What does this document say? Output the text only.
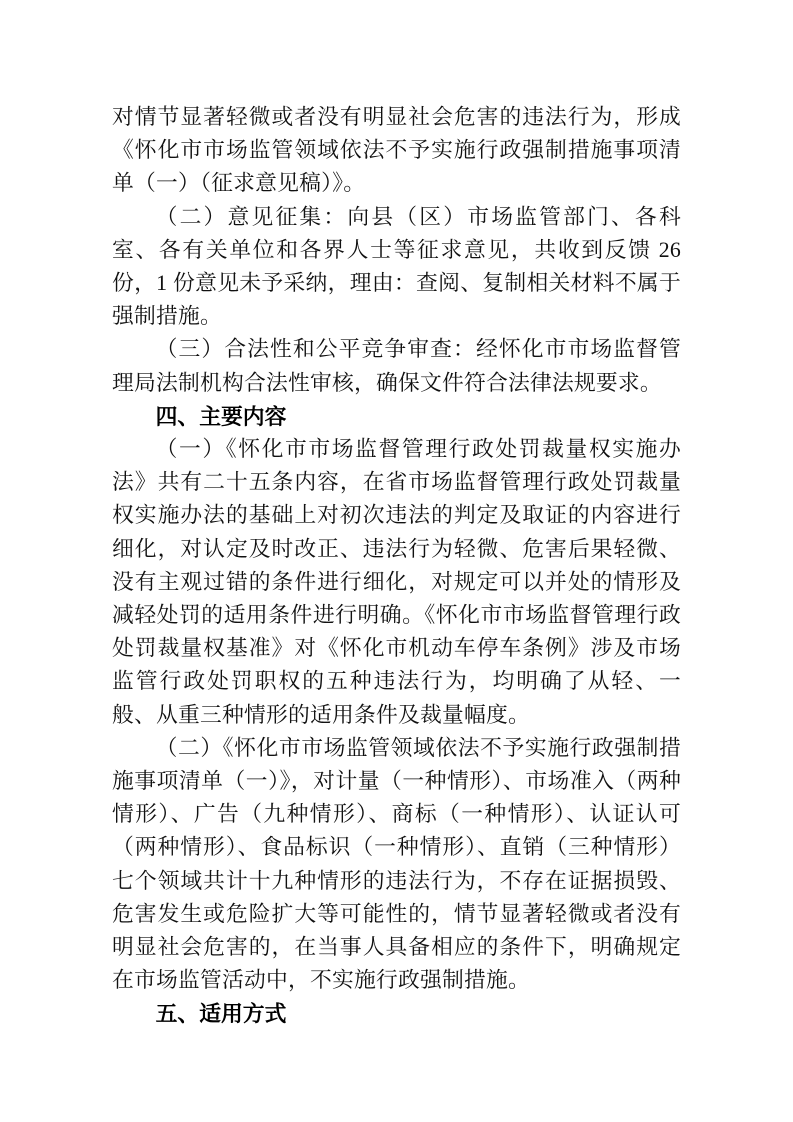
对情节显著轻微或者没有明显社会危害的违法行为，形成《怀化市市场监管领域依法不予实施行政强制措施事项清单（一）（征求意见稿）》。

（二）意见征集：向县（区）市场监管部门、各科室、各有关单位和各界人士等征求意见，共收到反馈 26 份，1 份意见未予采纳，理由：查阅、复制相关材料不属于强制措施。

（三）合法性和公平竞争审查：经怀化市市场监督管理局法制机构合法性审核，确保文件符合法律法规要求。

四、主要内容

（一）《怀化市市场监督管理行政处罚裁量权实施办法》共有二十五条内容，在省市场监督管理行政处罚裁量权实施办法的基础上对初次违法的判定及取证的内容进行细化，对认定及时改正、违法行为轻微、危害后果轻微、没有主观过错的条件进行细化，对规定可以并处的情形及减轻处罚的适用条件进行明确。《怀化市市场监督管理行政处罚裁量权基准》对《怀化市机动车停车条例》涉及市场监管行政处罚职权的五种违法行为，均明确了从轻、一般、从重三种情形的适用条件及裁量幅度。

（二）《怀化市市场监管领域依法不予实施行政强制措施事项清单（一）》，对计量（一种情形）、市场准入（两种情形）、广告（九种情形）、商标（一种情形）、认证认可（两种情形）、食品标识（一种情形）、直销（三种情形）七个领域共计十九种情形的违法行为，不存在证据损毁、危害发生或危险扩大等可能性的，情节显著轻微或者没有明显社会危害的，在当事人具备相应的条件下，明确规定在市场监管活动中，不实施行政强制措施。

五、适用方式
